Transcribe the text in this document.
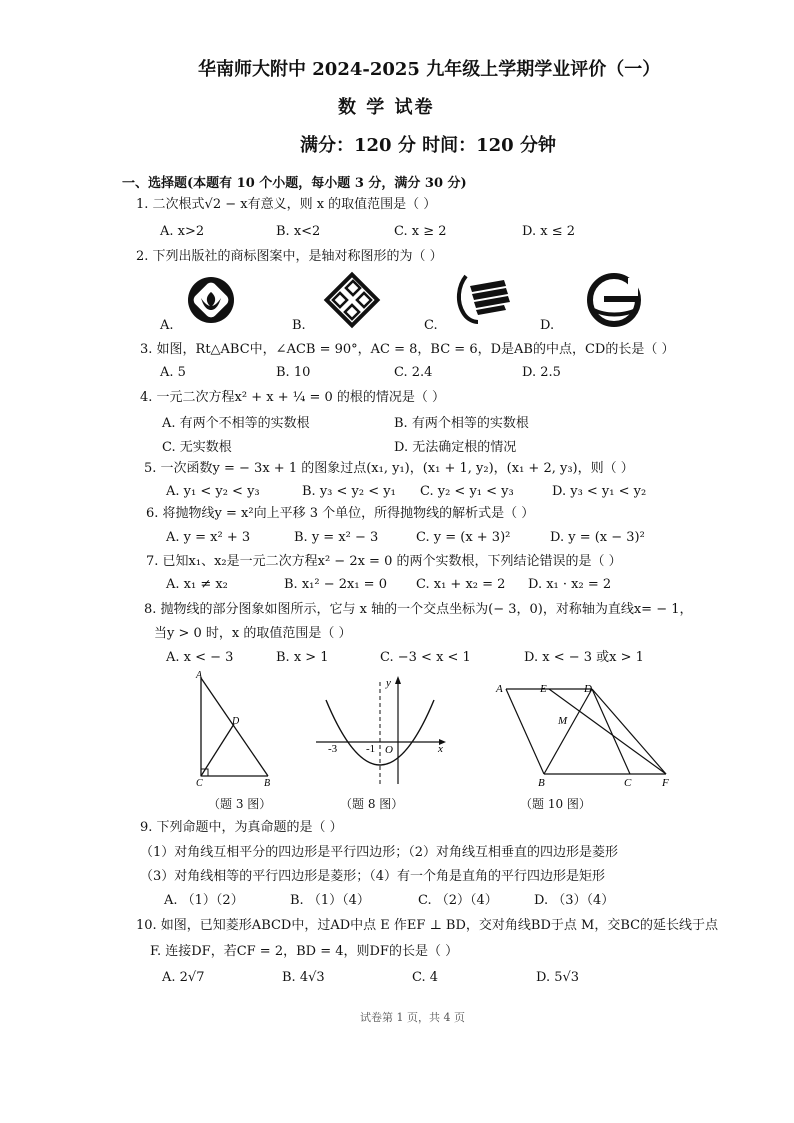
华南师大附中 2024-2025 九年级上学期学业评价（一）
数 学 试卷
满分：120 分 时间：120 分钟
一、选择题(本题有 10 个小题，每小题 3 分，满分 30 分)
1. 二次根式√2 − x有意义，则 x 的取值范围是（ ）
A. x>2	B. x<2	C. x ≥ 2	D. x ≤ 2
2. 下列出版社的商标图案中，是轴对称图形的为（ ）
A.	B.	C.	D.
3. 如图，Rt△ABC中，∠ACB = 90°，AC = 8，BC = 6，D是AB的中点，CD的长是（ ）
A. 5	B. 10	C. 2.4	D. 2.5
4. 一元二次方程x² + x + ¼ = 0 的根的情况是（ ）
A. 有两个不相等的实数根	B. 有两个相等的实数根
C. 无实数根	D. 无法确定根的情况
5. 一次函数y = − 3x + 1 的图象过点(x₁, y₁)，(x₁ + 1, y₂)，(x₁ + 2, y₃)，则（ ）
A. y₁ < y₂ < y₃	B. y₃ < y₂ < y₁ C. y₂ < y₁ < y₃	D. y₃ < y₁ < y₂
6. 将抛物线y = x²向上平移 3 个单位，所得抛物线的解析式是（ ）
A. y = x² + 3	B. y = x² − 3	C. y = (x + 3)²	D. y = (x − 3)²
7. 已知x₁、x₂是一元二次方程x² − 2x = 0 的两个实数根，下列结论错误的是（ ）
A. x₁ ≠ x₂	B. x₁² − 2x₁ = 0 C. x₁ + x₂ = 2 D. x₁ · x₂ = 2
8. 抛物线的部分图象如图所示，它与 x 轴的一个交点坐标为(− 3，0)，对称轴为直线x= − 1，
当y > 0 时，x 的取值范围是（ ）
A. x < − 3	B. x > 1	C. −3 < x < 1	D. x < − 3 或x > 1
A
D
C	B
（题 3 图）
y
x
-3	-1 O
（题 8 图）
A	E	D
M
B	C	F
（题 10 图）
9. 下列命题中，为真命题的是（ ）
（1）对角线互相平分的四边形是平行四边形；（2）对角线互相垂直的四边形是菱形
（3）对角线相等的平行四边形是菱形；（4）有一个角是直角的平行四边形是矩形
A. （1）（2）	B. （1）（4）	C. （2）（4）	D. （3）（4）
10. 如图，已知菱形ABCD中，过AD中点 E 作EF ⊥ BD，交对角线BD于点 M，交BC的延长线于点
F. 连接DF，若CF = 2，BD = 4，则DF的长是（ ）
A. 2√7	B. 4√3	C. 4	D. 5√3
试卷第 1 页，共 4 页
